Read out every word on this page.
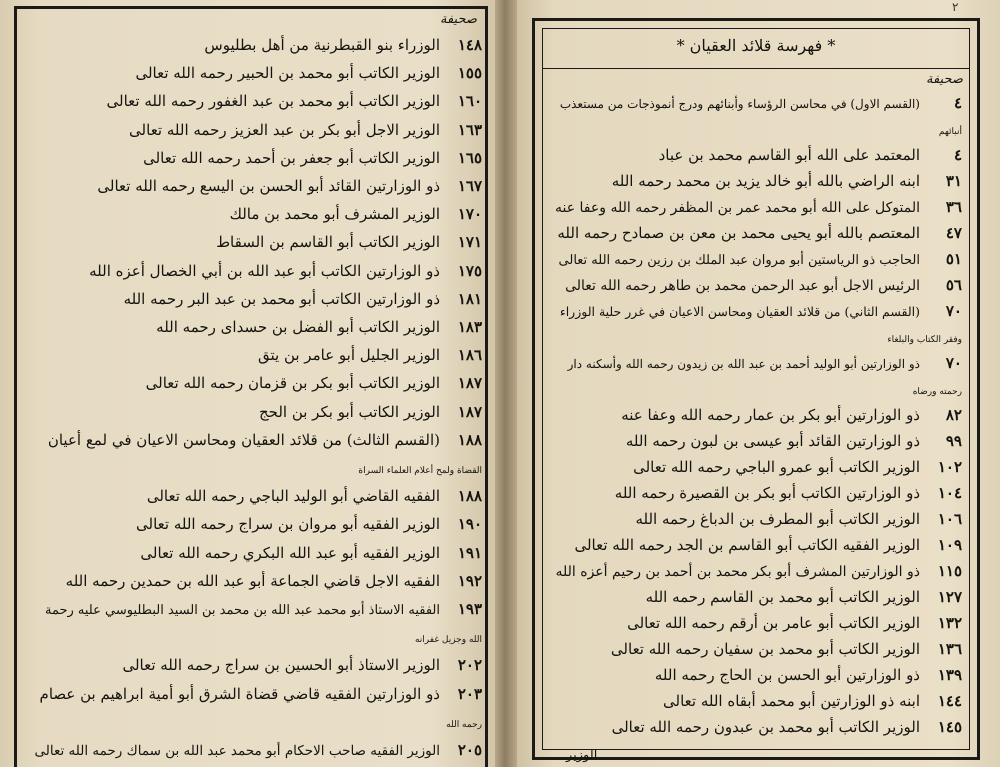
٢
* فهرسة قلائد العقيان *
صحيفة
صحيفة
١٤٨الوزراء بنو القبطرنية من أهل بطليوس
١٥٥الوزير الكاتب أبو محمد بن الحبير رحمه الله تعالى
١٦٠الوزير الكاتب أبو محمد بن عبد الغفور رحمه الله تعالى
١٦٣الوزير الاجل أبو بكر بن عبد العزيز رحمه الله تعالى
١٦٥الوزير الكاتب أبو جعفر بن أحمد رحمه الله تعالى
١٦٧ذو الوزارتين القائد أبو الحسن بن اليسع رحمه الله تعالى
١٧٠الوزير المشرف أبو محمد بن مالك
١٧١الوزير الكاتب أبو القاسم بن السقاط
١٧٥ذو الوزارتين الكاتب أبو عبد الله بن أبي الخصال أعزه الله
١٨١ذو الوزارتين الكاتب أبو محمد بن عبد البر رحمه الله
١٨٣الوزير الكاتب أبو الفضل بن حسداى رحمه الله
١٨٦الوزير الجليل أبو عامر بن يتق
١٨٧الوزير الكاتب أبو بكر بن قزمان رحمه الله تعالى
١٨٧الوزير الكاتب أبو بكر بن الحج
١٨٨(القسم الثالث) من قلائد العقيان ومحاسن الاعيان في لمع أعيان
القضاة ولمح أعلام العلماء السراة
١٨٨الفقيه القاضي أبو الوليد الباجي رحمه الله تعالى
١٩٠الوزير الفقيه أبو مروان بن سراج رحمه الله تعالى
١٩١الوزير الفقيه أبو عبد الله البكري رحمه الله تعالى
١٩٢الفقيه الاجل قاضي الجماعة أبو عبد الله بن حمدين رحمه الله
١٩٣الفقيه الاستاذ أبو محمد عبد الله بن محمد بن السيد البطليوسي عليه رحمة
الله وجزيل غفرانه
٢٠٢الوزير الاستاذ أبو الحسين بن سراج رحمه الله تعالى
٢٠٣ذو الوزارتين الفقيه قاضي قضاة الشرق أبو أمية ابراهيم بن عصام
رحمه الله
٢٠٥الوزير الفقيه صاحب الاحكام أبو محمد عبد الله بن سماك رحمه الله تعالى
٤(القسم الاول) في محاسن الرؤساء وأبنائهم ودرج أنموذجات من مستعذب
أنبائهم
٤المعتمد على الله أبو القاسم محمد بن عباد
٣١ابنه الراضي بالله أبو خالد يزيد بن محمد رحمه الله
٣٦المتوكل على الله أبو محمد عمر بن المظفر رحمه الله وعفا عنه
٤٧المعتصم بالله أبو يحيى محمد بن معن بن صمادح رحمه الله
٥١الحاجب ذو الرياستين أبو مروان عبد الملك بن رزين رحمه الله تعالى
٥٦الرئيس الاجل أبو عبد الرحمن محمد بن طاهر رحمه الله تعالى
٧٠(القسم الثاني) من قلائد العقيان ومحاسن الاعيان في غرر حلية الوزراء
وفقر الكتاب والبلغاء
٧٠ذو الوزارتين أبو الوليد أحمد بن عبد الله بن زيدون رحمه الله وأسكنه دار
رحمته ورضاه
٨٢ذو الوزارتين أبو بكر بن عمار رحمه الله وعفا عنه
٩٩ذو الوزارتين القائد أبو عيسى بن لبون رحمه الله
١٠٢الوزير الكاتب أبو عمرو الباجي رحمه الله تعالى
١٠٤ذو الوزارتين الكاتب أبو بكر بن القصيرة رحمه الله
١٠٦الوزير الكاتب أبو المطرف بن الدباغ رحمه الله
١٠٩الوزير الفقيه الكاتب أبو القاسم بن الجد رحمه الله تعالى
١١٥ذو الوزارتين المشرف أبو بكر محمد بن أحمد بن رحيم أعزه الله
١٢٧الوزير الكاتب أبو محمد بن القاسم رحمه الله
١٣٢الوزير الكاتب أبو عامر بن أرقم رحمه الله تعالى
١٣٦الوزير الكاتب أبو محمد بن سفيان رحمه الله تعالى
١٣٩ذو الوزارتين أبو الحسن بن الحاج رحمه الله
١٤٤ابنه ذو الوزارتين أبو محمد أبقاه الله تعالى
١٤٥الوزير الكاتب أبو محمد بن عبدون رحمه الله تعالى
الوزير
